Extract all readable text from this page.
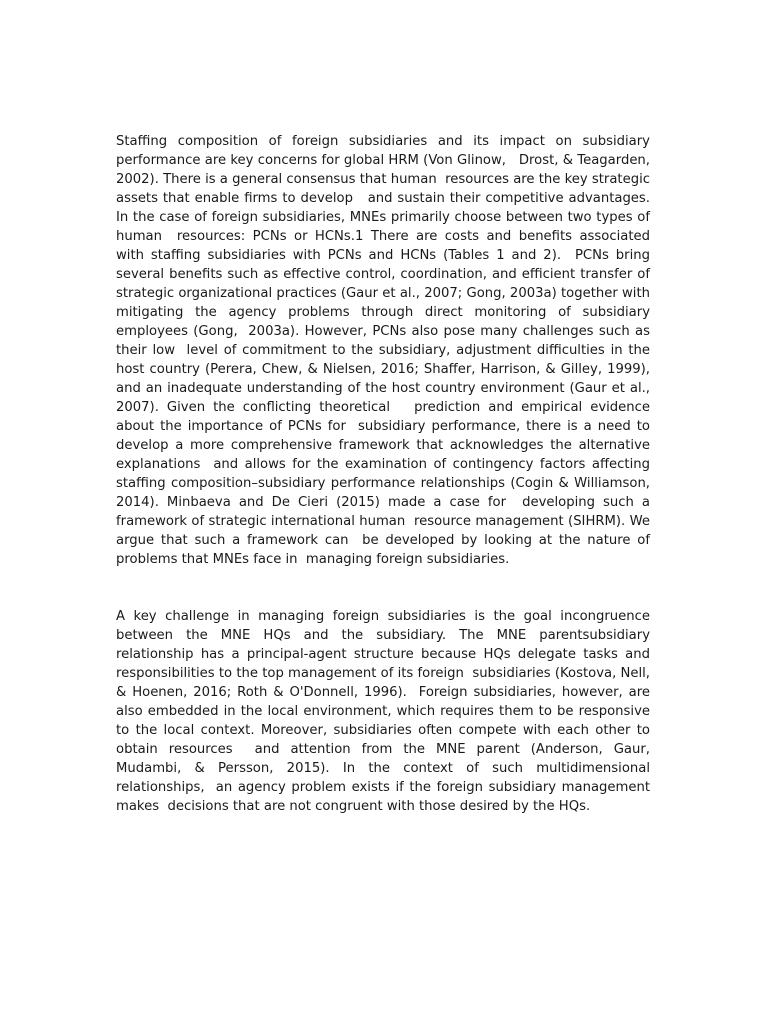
Staffing composition of foreign subsidiaries and its impact on subsidiary performance are key concerns for global HRM (Von Glinow,   Drost, & Teagarden, 2002). There is a general consensus that human  resources are the key strategic assets that enable firms to develop   and sustain their competitive advantages. In the case of foreign subsidiaries, MNEs primarily choose between two types of human  resources: PCNs or HCNs.1 There are costs and benefits associated  with staffing subsidiaries with PCNs and HCNs (Tables 1 and 2).  PCNs bring several benefits such as effective control, coordination, and efficient transfer of strategic organizational practices (Gaur et al., 2007; Gong, 2003a) together with mitigating the agency problems through direct monitoring of subsidiary employees (Gong,  2003a). However, PCNs also pose many challenges such as their low  level of commitment to the subsidiary, adjustment difficulties in the  host country (Perera, Chew, & Nielsen, 2016; Shaffer, Harrison, & Gilley, 1999), and an inadequate understanding of the host country environment (Gaur et al., 2007). Given the conflicting theoretical   prediction and empirical evidence about the importance of PCNs for  subsidiary performance, there is a need to develop a more comprehensive framework that acknowledges the alternative explanations  and allows for the examination of contingency factors affecting staffing composition–subsidiary performance relationships (Cogin & Williamson, 2014). Minbaeva and De Cieri (2015) made a case for  developing such a framework of strategic international human  resource management (SIHRM). We argue that such a framework can  be developed by looking at the nature of problems that MNEs face in  managing foreign subsidiaries.

A key challenge in managing foreign subsidiaries is the goal incongruence between the MNE HQs and the subsidiary. The MNE parentsubsidiary relationship has a principal-agent structure because HQs delegate tasks and responsibilities to the top management of its foreign  subsidiaries (Kostova, Nell, & Hoenen, 2016; Roth & O'Donnell, 1996).  Foreign subsidiaries, however, are also embedded in the local environment, which requires them to be responsive to the local context. Moreover, subsidiaries often compete with each other to obtain resources  and attention from the MNE parent (Anderson, Gaur, Mudambi, & Persson, 2015). In the context of such multidimensional relationships,  an agency problem exists if the foreign subsidiary management makes  decisions that are not congruent with those desired by the HQs.
